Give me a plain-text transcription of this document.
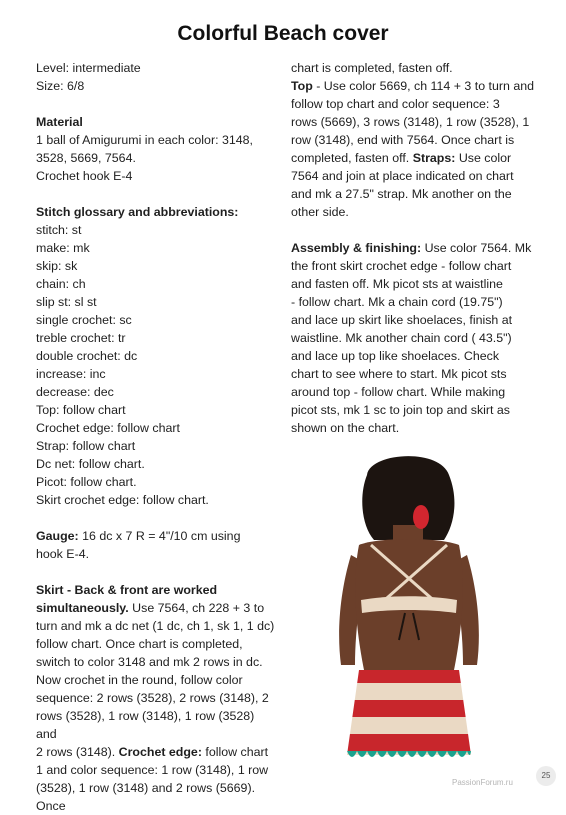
Colorful Beach cover

Level: intermediate

Size: 6/8

Material

1 ball of Amigurumi in each color: 3148,

3528, 5669, 7564.

Crochet hook E-4

Stitch glossary and abbreviations:

stitch: st

make: mk

skip: sk

chain: ch

slip st: sl st

single crochet: sc

treble crochet: tr

double crochet: dc

increase: inc

decrease: dec

Top: follow chart

Crochet edge: follow chart

Strap: follow chart

Dc net: follow chart.

Picot: follow chart.

Skirt crochet edge: follow chart.

Gauge: 16 dc x 7 R = 4"/10 cm using

hook E-4.

Skirt - Back & front are worked

simultaneously. Use 7564, ch 228 + 3 to

turn and mk a dc net (1 dc, ch 1, sk 1, 1 dc)

follow chart. Once chart is completed,

switch to color 3148 and mk 2 rows in dc.

Now crochet in the round, follow color

sequence: 2 rows (3528), 2 rows (3148), 2

rows (3528), 1 row (3148), 1 row (3528) and

2 rows (3148). Crochet edge: follow chart

1 and color sequence: 1 row (3148), 1 row

(3528), 1 row (3148) and 2 rows (5669). Once

chart is completed, fasten off.

Top - Use color 5669, ch 114 + 3 to turn and

follow top chart and color sequence: 3

rows (5669), 3 rows (3148), 1 row (3528), 1

row (3148), end with 7564. Once chart is

completed, fasten off. Straps: Use color

7564 and join at place indicated on chart

and mk a 27.5" strap. Mk another on the

other side.

Assembly & finishing: Use color 7564. Mk

the front skirt crochet edge - follow chart

and fasten off. Mk picot sts at waistline

- follow chart. Mk a chain cord (19.75")

and lace up skirt like shoelaces, finish at

waistline. Mk another chain cord ( 43.5")

and lace up top like shoelaces. Check

chart to see where to start. Mk picot sts

around top - follow chart. While making

picot sts, mk 1 sc to join top and skirt as

shown on the chart.

25
PassionForum.ru
